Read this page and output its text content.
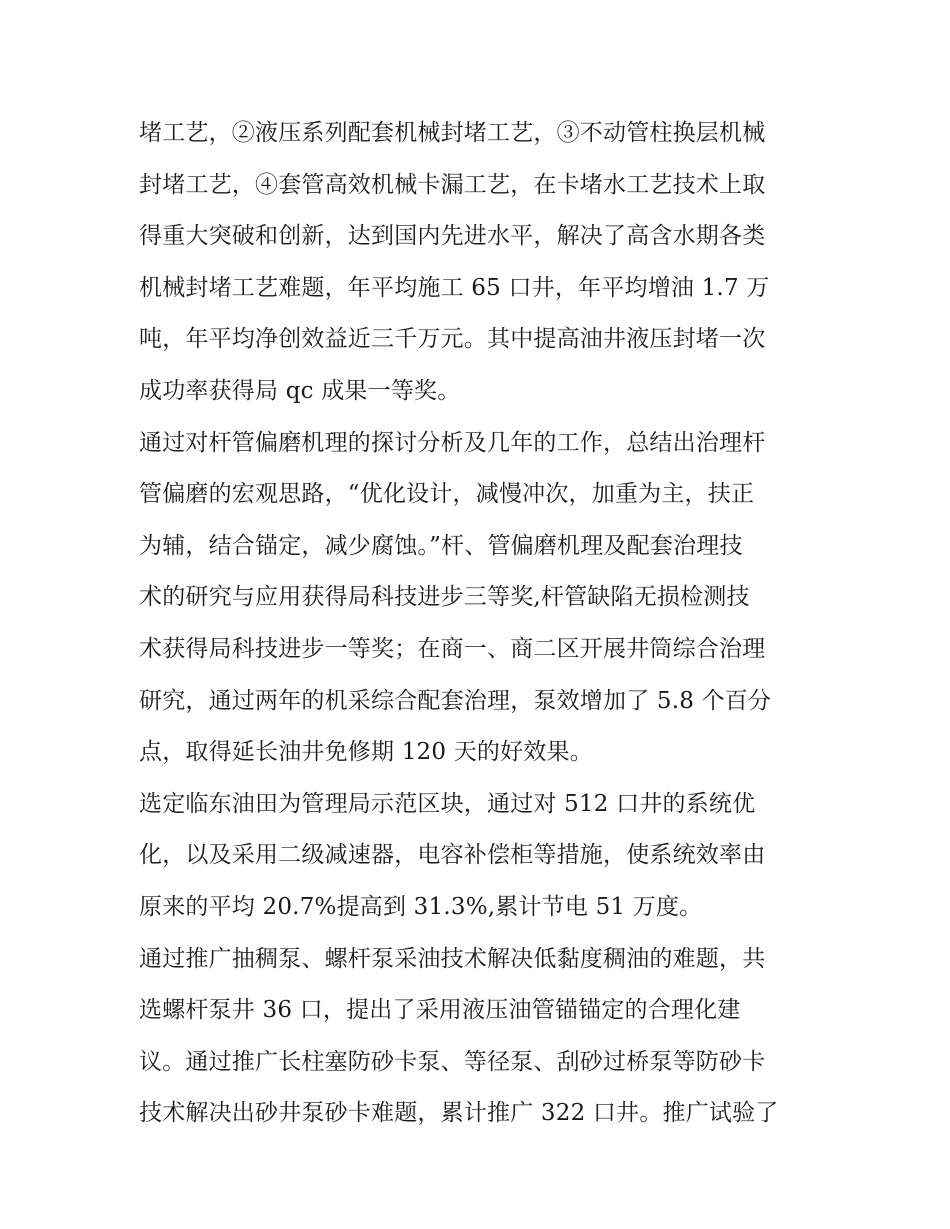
堵工艺，②液压系列配套机械封堵工艺，③不动管柱换层机械
封堵工艺，④套管高效机械卡漏工艺，在卡堵水工艺技术上取
得重大突破和创新，达到国内先进水平，解决了高含水期各类
机械封堵工艺难题，年平均施工 65 口井，年平均增油 1.7 万
吨，年平均净创效益近三千万元。其中提高油井液压封堵一次
成功率获得局 qc 成果一等奖。
通过对杆管偏磨机理的探讨分析及几年的工作，总结出治理杆
管偏磨的宏观思路，“优化设计，减慢冲次，加重为主，扶正
为辅，结合锚定，减少腐蚀。”杆、管偏磨机理及配套治理技
术的研究与应用获得局科技进步三等奖,杆管缺陷无损检测技
术获得局科技进步一等奖；在商一、商二区开展井筒综合治理
研究，通过两年的机采综合配套治理，泵效增加了 5.8 个百分
点，取得延长油井免修期 120 天的好效果。
选定临东油田为管理局示范区块，通过对 512 口井的系统优
化，以及采用二级减速器，电容补偿柜等措施，使系统效率由
原来的平均 20.7%提高到 31.3%,累计节电 51 万度。
通过推广抽稠泵、螺杆泵采油技术解决低黏度稠油的难题，共
选螺杆泵井 36 口，提出了采用液压油管锚锚定的合理化建
议。通过推广长柱塞防砂卡泵、等径泵、刮砂过桥泵等防砂卡
技术解决出砂井泵砂卡难题，累计推广 322 口井。推广试验了
